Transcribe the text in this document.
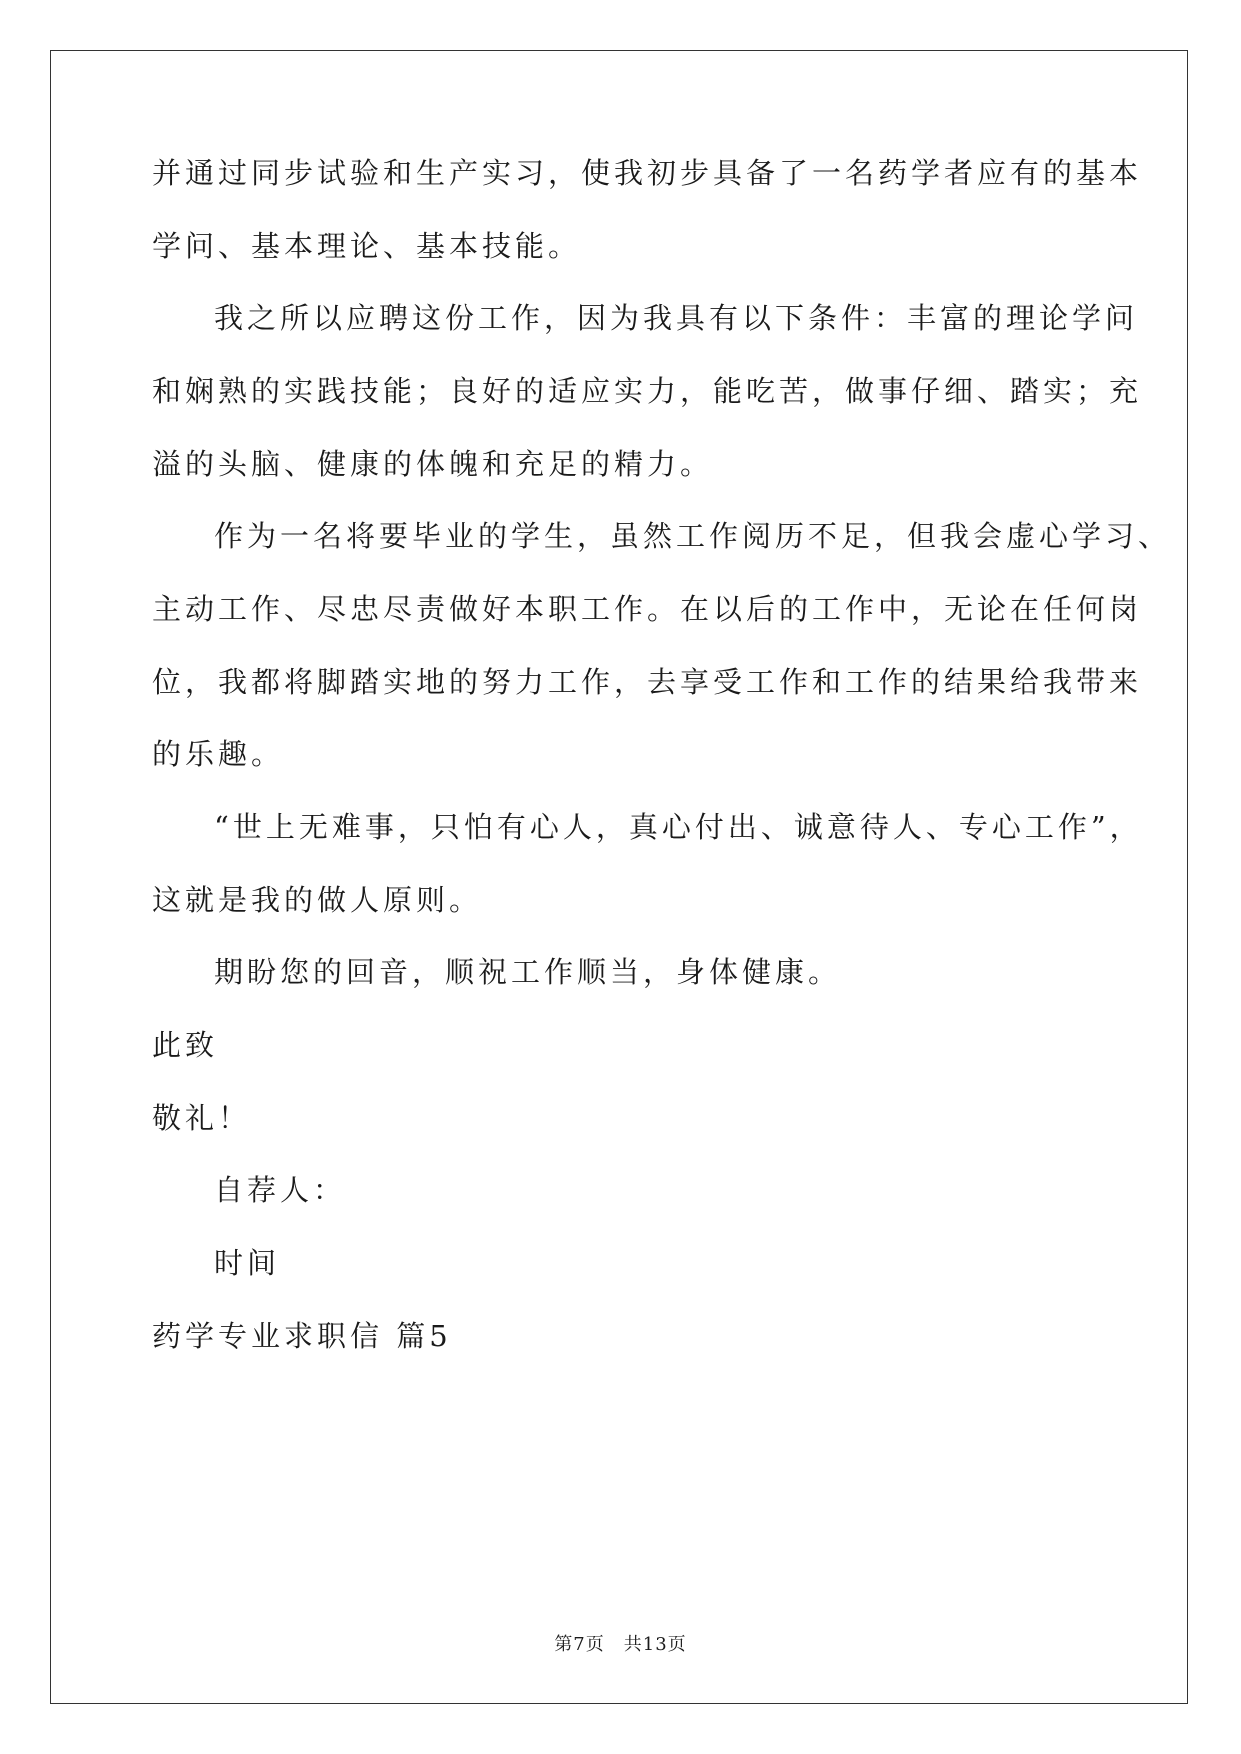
并通过同步试验和生产实习，使我初步具备了一名药学者应有的基本
学问、基本理论、基本技能。
我之所以应聘这份工作，因为我具有以下条件：丰富的理论学问
和娴熟的实践技能；良好的适应实力，能吃苦，做事仔细、踏实；充
溢的头脑、健康的体魄和充足的精力。
作为一名将要毕业的学生，虽然工作阅历不足，但我会虚心学习、
主动工作、尽忠尽责做好本职工作。在以后的工作中，无论在任何岗
位，我都将脚踏实地的努力工作，去享受工作和工作的结果给我带来
的乐趣。
“世上无难事，只怕有心人，真心付出、诚意待人、专心工作”，
这就是我的做人原则。
期盼您的回音，顺祝工作顺当，身体健康。
此致
敬礼！
自荐人：
时间
药学专业求职信 篇5
第7页　共13页
